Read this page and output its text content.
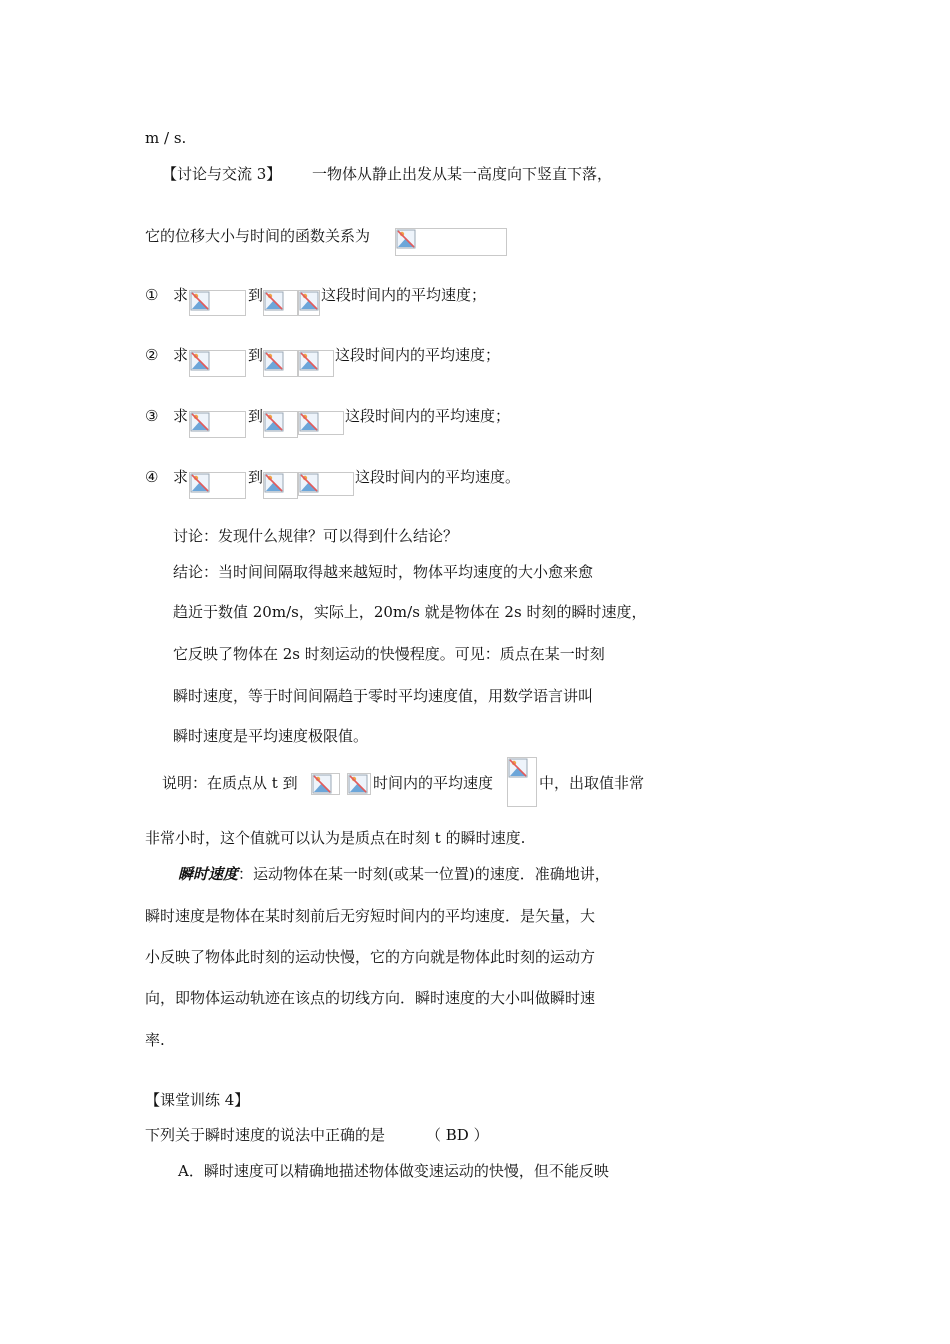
m / s.
【讨论与交流 3】 一物体从静止出发从某一高度向下竖直下落，
它的位移大小与时间的函数关系为
① 求	到	这段时间内的平均速度；
② 求	到	这段时间内的平均速度；
③ 求	到	这段时间内的平均速度；
④ 求	到	这段时间内的平均速度。
讨论：发现什么规律？可以得到什么结论？
结论：当时间间隔取得越来越短时，物体平均速度的大小愈来愈
趋近于数值 20m/s，实际上，20m/s 就是物体在 2s 时刻的瞬时速度，
它反映了物体在 2s 时刻运动的快慢程度。可见：质点在某一时刻
瞬时速度，等于时间间隔趋于零时平均速度值，用数学语言讲叫
瞬时速度是平均速度极限值。
说明：在质点从 t 到	时间内的平均速度	中，出取值非常
非常小时，这个值就可以认为是质点在时刻 t 的瞬时速度.
瞬时速度：运动物体在某一时刻(或某一位置)的速度．准确地讲，
瞬时速度是物体在某时刻前后无穷短时间内的平均速度．是矢量，大
小反映了物体此时刻的运动快慢，它的方向就是物体此时刻的运动方
向，即物体运动轨迹在该点的切线方向．瞬时速度的大小叫做瞬时速
率.
【课堂训练 4】
下列关于瞬时速度的说法中正确的是	（ BD ）
A．瞬时速度可以精确地描述物体做变速运动的快慢，但不能反映
